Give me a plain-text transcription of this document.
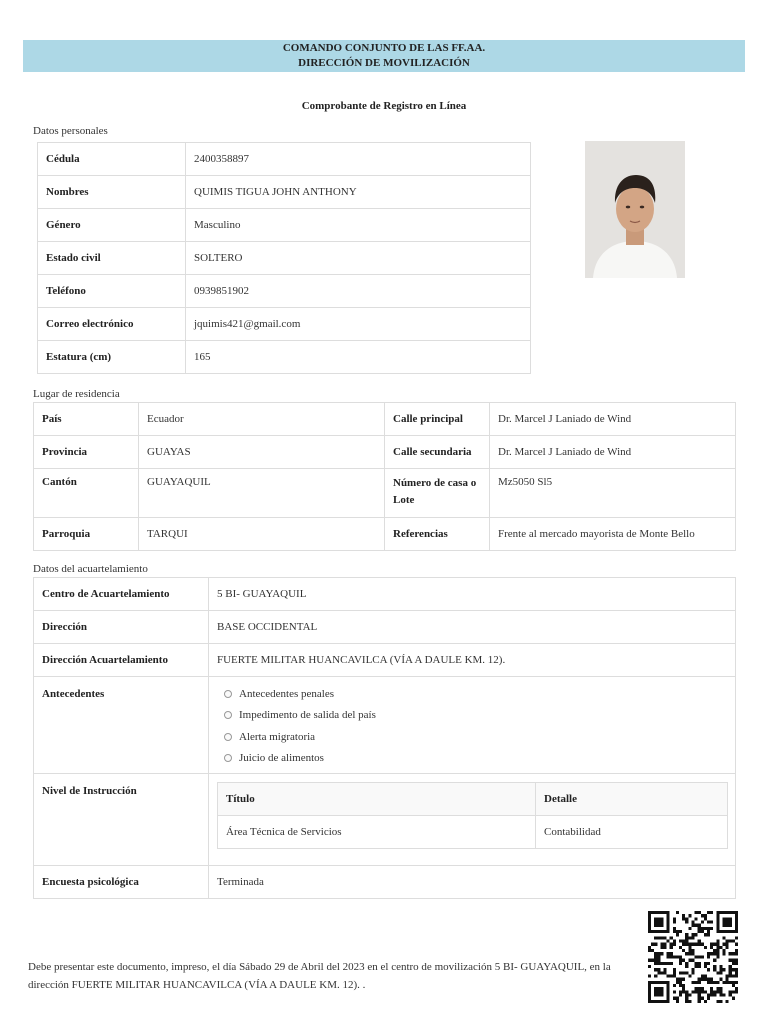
COMANDO CONJUNTO DE LAS FF.AA.
DIRECCIÓN DE MOVILIZACIÓN
Comprobante de Registro en Línea
Datos personales
Cédula	2400358897
Nombres	QUIMIS TIGUA JOHN ANTHONY
Género	Masculino
Estado civil	SOLTERO
Teléfono	0939851902
Correo electrónico	jquimis421@gmail.com
Estatura (cm)	165
Lugar de residencia
País	Ecuador	Calle principal	Dr. Marcel J Laniado de Wind
Provincia	GUAYAS	Calle secundaria	Dr. Marcel J Laniado de Wind
Cantón	GUAYAQUIL	Número de casa o Lote	Mz5050 Sl5
Parroquia	TARQUI	Referencias	Frente al mercado mayorista de Monte Bello
Datos del acuartelamiento
Centro de Acuartelamiento	5 BI- GUAYAQUIL
Dirección	BASE OCCIDENTAL
Dirección Acuartelamiento	FUERTE MILITAR HUANCAVILCA (VÍA A DAULE KM. 12).
Antecedentes	Antecedentes penales
Impedimento de salida del país
Alerta migratoria
Juicio de alimentos

Nivel de Instrucción	
Título	Detalle
Área Técnica de Servicios	Contabilidad

Encuesta psicológica	Terminada
Debe presentar este documento, impreso, el día Sábado 29 de Abril del 2023 en el centro de movilización 5 BI- GUAYAQUIL, en la dirección FUERTE MILITAR HUANCAVILCA (VÍA A DAULE KM. 12). .
